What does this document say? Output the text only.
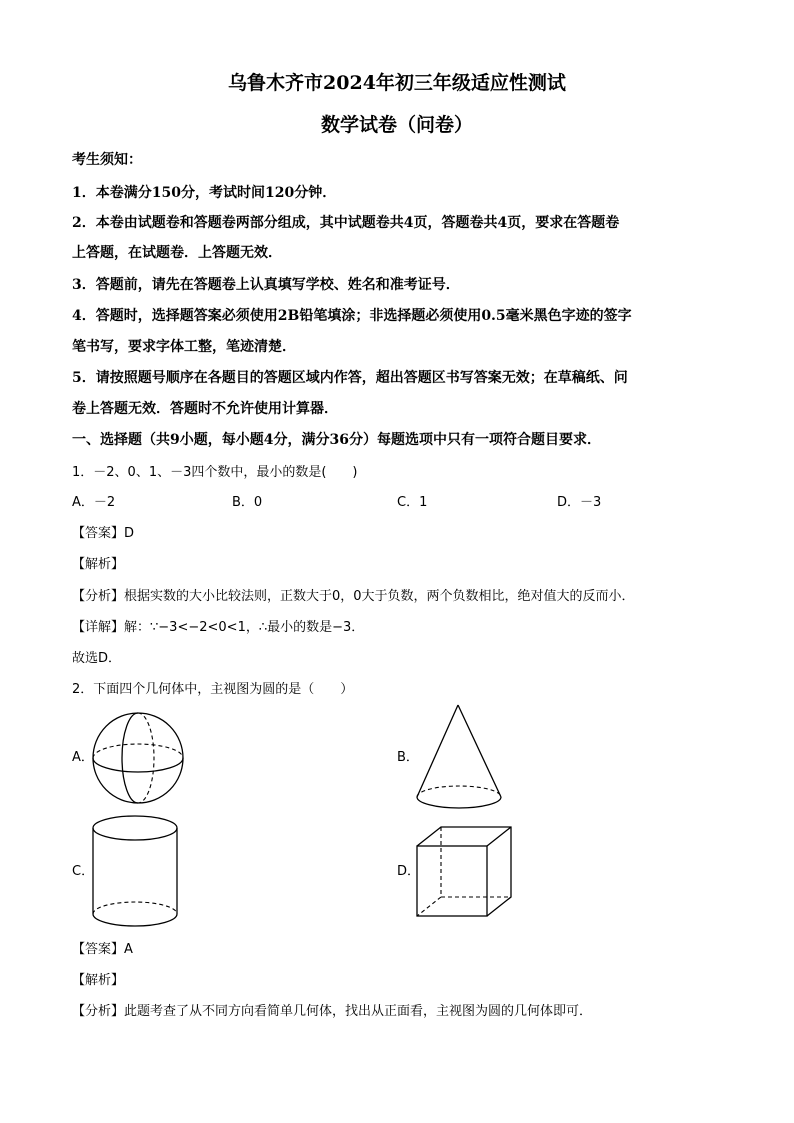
乌鲁木齐市2024年初三年级适应性测试
数学试卷（问卷）
考生须知：
1．本卷满分150分，考试时间120分钟．
2．本卷由试题卷和答题卷两部分组成，其中试题卷共4页，答题卷共4页，要求在答题卷
上答题，在试题卷．上答题无效．
3．答题前，请先在答题卷上认真填写学校、姓名和准考证号．
4．答题时，选择题答案必须使用2B铅笔填涂；非选择题必须使用0.5毫米黑色字迹的签字
笔书写，要求字体工整，笔迹清楚．
5．请按照题号顺序在各题目的答题区域内作答，超出答题区书写答案无效；在草稿纸、问
卷上答题无效．答题时不允许使用计算器．
一、选择题（共9小题，每小题4分，满分36分）每题选项中只有一项符合题目要求．
1．－2、0、1、－3四个数中，最小的数是(　　)
A．－2	B．0	C．1	D．－3
【答案】D
【解析】
【分析】根据实数的大小比较法则，正数大于0，0大于负数，两个负数相比，绝对值大的反而小．
【详解】解：∵−3<−2<0<1，∴最小的数是−3．
故选D．
2．下面四个几何体中，主视图为圆的是（　　）
A．	B．
C．	D．
【答案】A
【解析】
【分析】此题考查了从不同方向看简单几何体，找出从正面看，主视图为圆的几何体即可．
